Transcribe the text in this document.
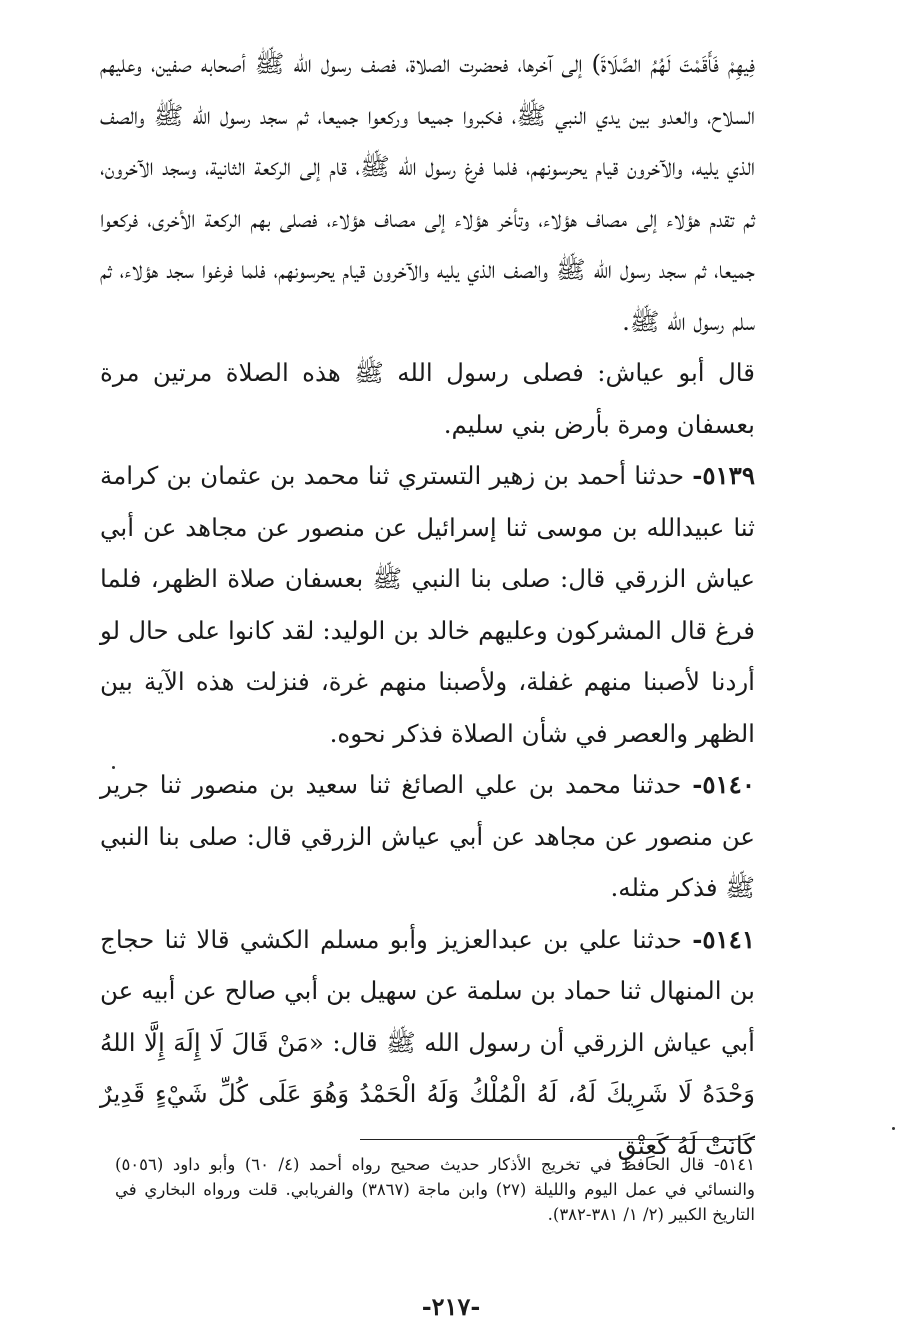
فِيهِمْ فَأَقَمْتَ لَهُمُ الصَّلَاةَ) إلى آخرها، فحضرت الصلاة، فصف رسول الله ﷺ أصحابه صفين، وعليهم السلاح، والعدو بين يدي النبي ﷺ، فكبروا جميعا وركعوا جميعا، ثم سجد رسول الله ﷺ والصف الذي يليه، والآخرون قيام يحرسونهم، فلما فرغ رسول الله ﷺ، قام إلى الركعة الثانية، وسجد الآخرون، ثم تقدم هؤلاء إلى مصاف هؤلاء، وتأخر هؤلاء إلى مصاف هؤلاء، فصلى بهم الركعة الأخرى، فركعوا جميعا، ثم سجد رسول الله ﷺ والصف الذي يليه والآخرون قيام يحرسونهم، فلما فرغوا سجد هؤلاء، ثم سلم رسول الله ﷺ.

قال أبو عياش: فصلى رسول الله ﷺ هذه الصلاة مرتين مرة بعسفان ومرة بأرض بني سليم.

٥١٣٩- حدثنا أحمد بن زهير التستري ثنا محمد بن عثمان بن كرامة ثنا عبيدالله بن موسى ثنا إسرائيل عن منصور عن مجاهد عن أبي عياش الزرقي قال: صلى بنا النبي ﷺ بعسفان صلاة الظهر، فلما فرغ قال المشركون وعليهم خالد بن الوليد: لقد كانوا على حال لو أردنا لأصبنا منهم غفلة، ولأصبنا منهم غرة، فنزلت هذه الآية بين الظهر والعصر في شأن الصلاة فذكر نحوه.

٥١٤٠- حدثنا محمد بن علي الصائغ ثنا سعيد بن منصور ثنا جرير عن منصور عن مجاهد عن أبي عياش الزرقي قال: صلى بنا النبي ﷺ فذكر مثله.

٥١٤١- حدثنا علي بن عبدالعزيز وأبو مسلم الكشي قالا ثنا حجاج بن المنهال ثنا حماد بن سلمة عن سهيل بن أبي صالح عن أبيه عن أبي عياش الزرقي أن رسول الله ﷺ قال: «مَنْ قَالَ لَا إِلَهَ إِلَّا اللهُ وَحْدَهُ لَا شَرِيكَ لَهُ، لَهُ الْمُلْكُ وَلَهُ الْحَمْدُ وَهُوَ عَلَى كُلِّ شَيْءٍ قَدِيرٌ كَانَتْ لَهُ كَعِتْقِ

٥١٤١- قال الحافظ في تخريج الأذكار حديث صحيح رواه أحمد (٤/ ٦٠) وأبو داود (٥٠٥٦) والنسائي في عمل اليوم والليلة (٢٧) وابن ماجة (٣٨٦٧) والفريابي. قلت ورواه البخاري في التاريخ الكبير (٢/ ١/ ٣٨١-٣٨٢).

-٢١٧-
